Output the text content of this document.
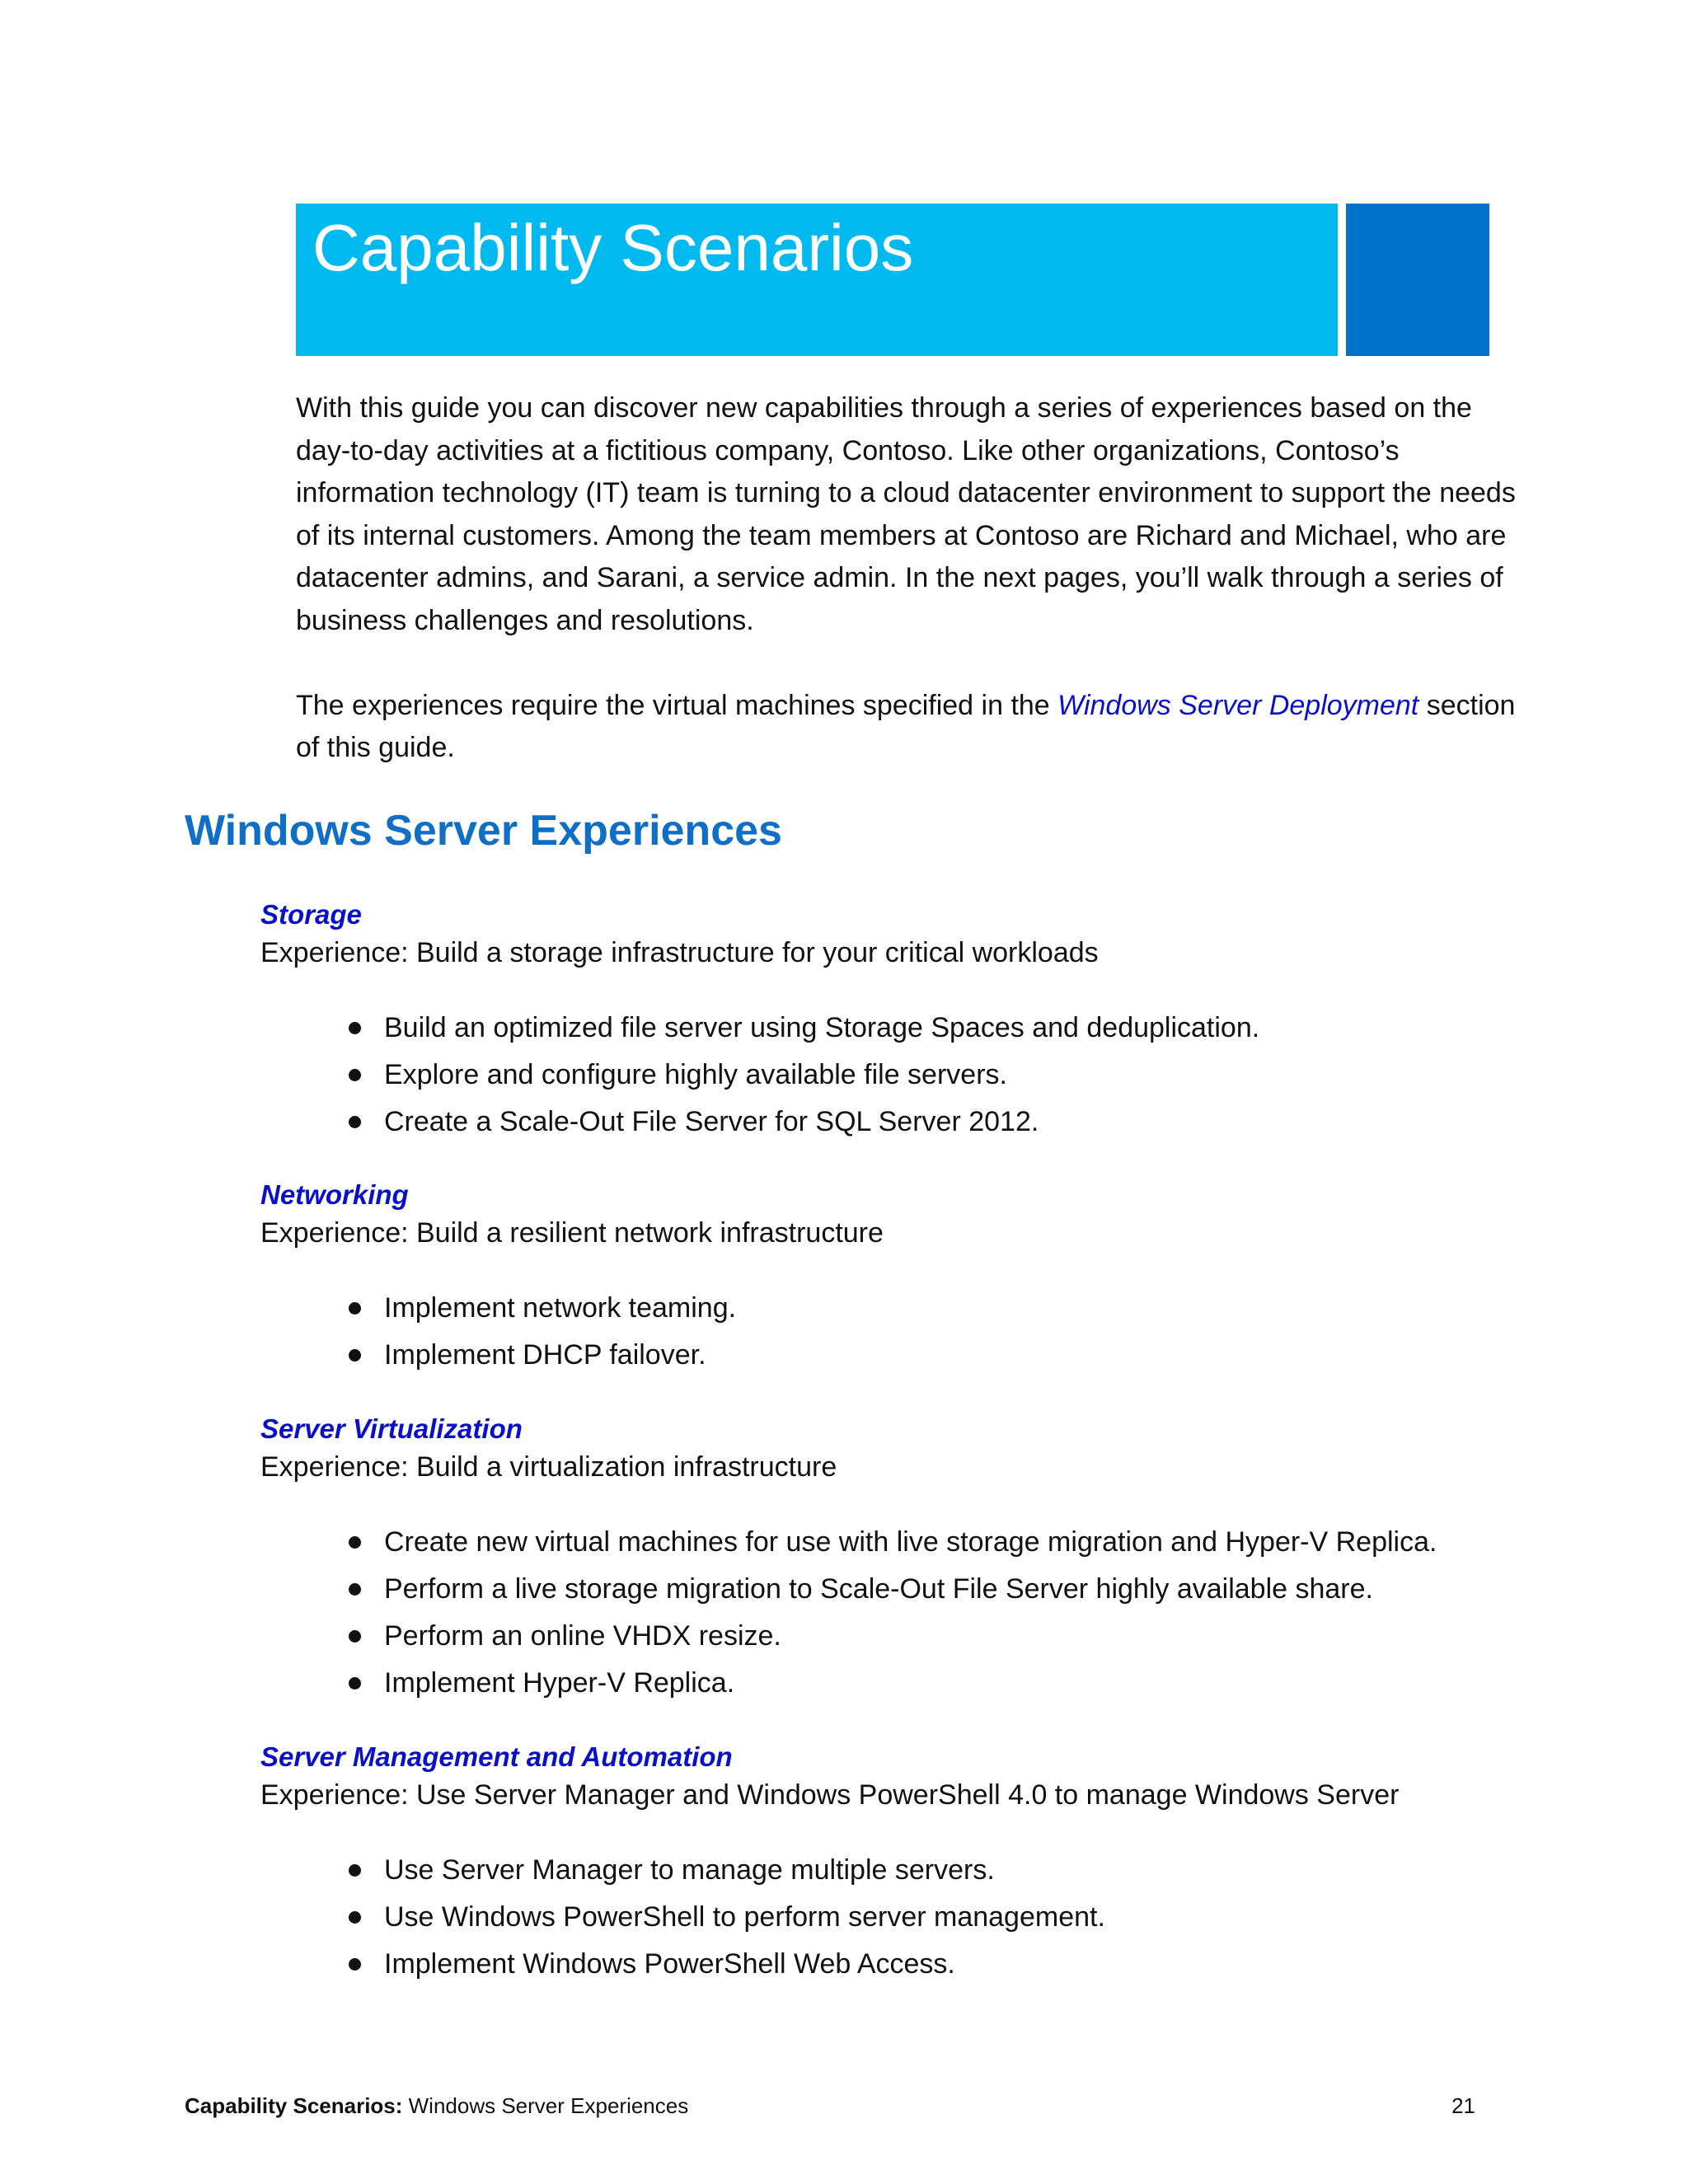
Capability Scenarios

With this guide you can discover new capabilities through a series of experiences based on the day-to-day activities at a fictitious company, Contoso. Like other organizations, Contoso’s information technology (IT) team is turning to a cloud datacenter environment to support the needs of its internal customers. Among the team members at Contoso are Richard and Michael, who are datacenter admins, and Sarani, a service admin. In the next pages, you’ll walk through a series of business challenges and resolutions.

The experiences require the virtual machines specified in the Windows Server Deployment section of this guide.

Windows Server Experiences

Storage

Experience: Build a storage infrastructure for your critical workloads

Build an optimized file server using Storage Spaces and deduplication.
Explore and configure highly available file servers.
Create a Scale-Out File Server for SQL Server 2012.

Networking

Experience: Build a resilient network infrastructure

Implement network teaming.
Implement DHCP failover.

Server Virtualization

Experience: Build a virtualization infrastructure

Create new virtual machines for use with live storage migration and Hyper-V Replica.
Perform a live storage migration to Scale-Out File Server highly available share.
Perform an online VHDX resize.
Implement Hyper-V Replica.

Server Management and Automation

Experience: Use Server Manager and Windows PowerShell 4.0 to manage Windows Server

Use Server Manager to manage multiple servers.
Use Windows PowerShell to perform server management.
Implement Windows PowerShell Web Access.
Capability Scenarios: Windows Server Experiences	21
